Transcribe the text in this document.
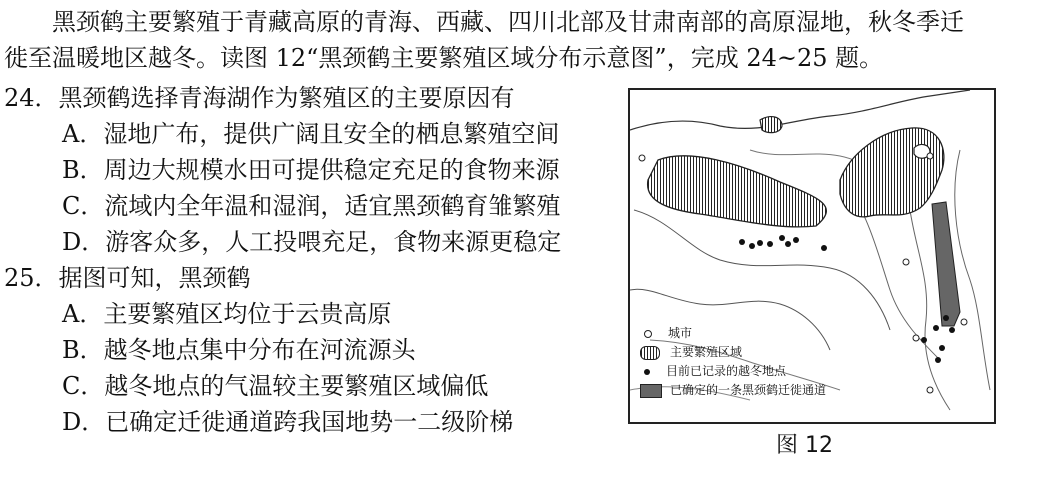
黑颈鹤主要繁殖于青藏高原的青海、西藏、四川北部及甘肃南部的高原湿地，秋冬季迁
徙至温暖地区越冬。读图 12“黑颈鹤主要繁殖区域分布示意图”，完成 24~25 题。
24．黑颈鹤选择青海湖作为繁殖区的主要原因有
A．湿地广布，提供广阔且安全的栖息繁殖空间
B．周边大规模水田可提供稳定充足的食物来源
C．流域内全年温和湿润，适宜黑颈鹤育雏繁殖
D．游客众多，人工投喂充足，食物来源更稳定
25．据图可知，黑颈鹤
A．主要繁殖区均位于云贵高原
B．越冬地点集中分布在河流源头
C．越冬地点的气温较主要繁殖区域偏低
D．已确定迁徙通道跨我国地势一二级阶梯
城市
主要繁殖区域
目前已记录的越冬地点
已确定的一条黑颈鹤迁徙通道
图 12
